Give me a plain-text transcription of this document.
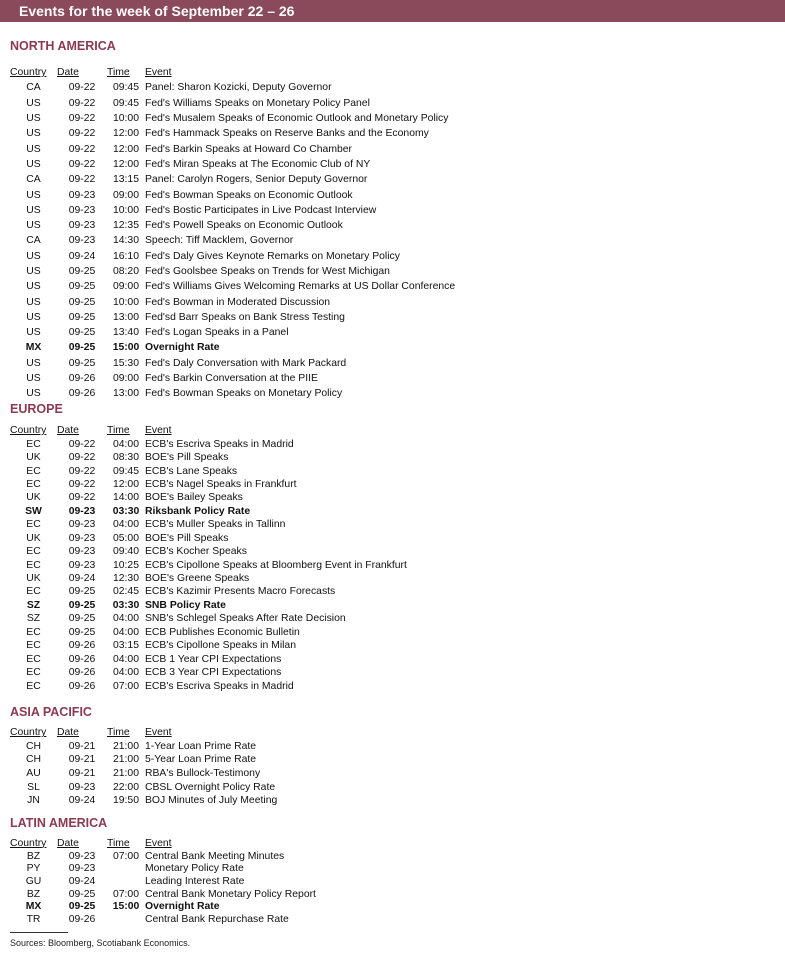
Events for the week of September 22 – 26
NORTH AMERICA
Country	Date	Time	Event
CA	09-22	09:45	Panel: Sharon Kozicki, Deputy Governor
US	09-22	09:45	Fed's Williams Speaks on Monetary Policy Panel
US	09-22	10:00	Fed's Musalem Speaks of Economic Outlook and Monetary Policy
US	09-22	12:00	Fed's Hammack Speaks on Reserve Banks and the Economy
US	09-22	12:00	Fed's Barkin Speaks at Howard Co Chamber
US	09-22	12:00	Fed's Miran Speaks at The Economic Club of NY
CA	09-22	13:15	Panel: Carolyn Rogers, Senior Deputy Governor
US	09-23	09:00	Fed's Bowman Speaks on Economic Outlook
US	09-23	10:00	Fed's Bostic Participates in Live Podcast Interview
US	09-23	12:35	Fed's Powell Speaks on Economic Outlook
CA	09-23	14:30	Speech: Tiff Macklem, Governor
US	09-24	16:10	Fed's Daly Gives Keynote Remarks on Monetary Policy
US	09-25	08:20	Fed's Goolsbee Speaks on Trends for West Michigan
US	09-25	09:00	Fed's Williams Gives Welcoming Remarks at US Dollar Conference
US	09-25	10:00	Fed's Bowman in Moderated Discussion
US	09-25	13:00	Fed'sd Barr Speaks on Bank Stress Testing
US	09-25	13:40	Fed's Logan Speaks in a Panel
MX	09-25	15:00	Overnight Rate
US	09-25	15:30	Fed's Daly Conversation with Mark Packard
US	09-26	09:00	Fed's Barkin Conversation at the PIIE
US	09-26	13:00	Fed's Bowman Speaks on Monetary Policy
EUROPE
Country	Date	Time	Event
EC	09-22	04:00	ECB's Escriva Speaks in Madrid
UK	09-22	08:30	BOE's Pill Speaks
EC	09-22	09:45	ECB's Lane Speaks
EC	09-22	12:00	ECB's Nagel Speaks in Frankfurt
UK	09-22	14:00	BOE's Bailey Speaks
SW	09-23	03:30	Riksbank Policy Rate
EC	09-23	04:00	ECB's Muller Speaks in Tallinn
UK	09-23	05:00	BOE's Pill Speaks
EC	09-23	09:40	ECB's Kocher Speaks
EC	09-23	10:25	ECB's Cipollone Speaks at Bloomberg Event in Frankfurt
UK	09-24	12:30	BOE's Greene Speaks
EC	09-25	02:45	ECB's Kazimir Presents Macro Forecasts
SZ	09-25	03:30	SNB Policy Rate
SZ	09-25	04:00	SNB's Schlegel Speaks After Rate Decision
EC	09-25	04:00	ECB Publishes Economic Bulletin
EC	09-26	03:15	ECB's Cipollone Speaks in Milan
EC	09-26	04:00	ECB 1 Year CPI Expectations
EC	09-26	04:00	ECB 3 Year CPI Expectations
EC	09-26	07:00	ECB's Escriva Speaks in Madrid
ASIA PACIFIC
Country	Date	Time	Event
CH	09-21	21:00	1-Year Loan Prime Rate
CH	09-21	21:00	5-Year Loan Prime Rate
AU	09-21	21:00	RBA's Bullock-Testimony
SL	09-23	22:00	CBSL Overnight Policy Rate
JN	09-24	19:50	BOJ Minutes of July Meeting
LATIN AMERICA
Country	Date	Time	Event
BZ	09-23	07:00	Central Bank Meeting Minutes
PY	09-23		Monetary Policy Rate
GU	09-24		Leading Interest Rate
BZ	09-25	07:00	Central Bank Monetary Policy Report
MX	09-25	15:00	Overnight Rate
TR	09-26		Central Bank Repurchase Rate
Sources: Bloomberg, Scotiabank Economics.
